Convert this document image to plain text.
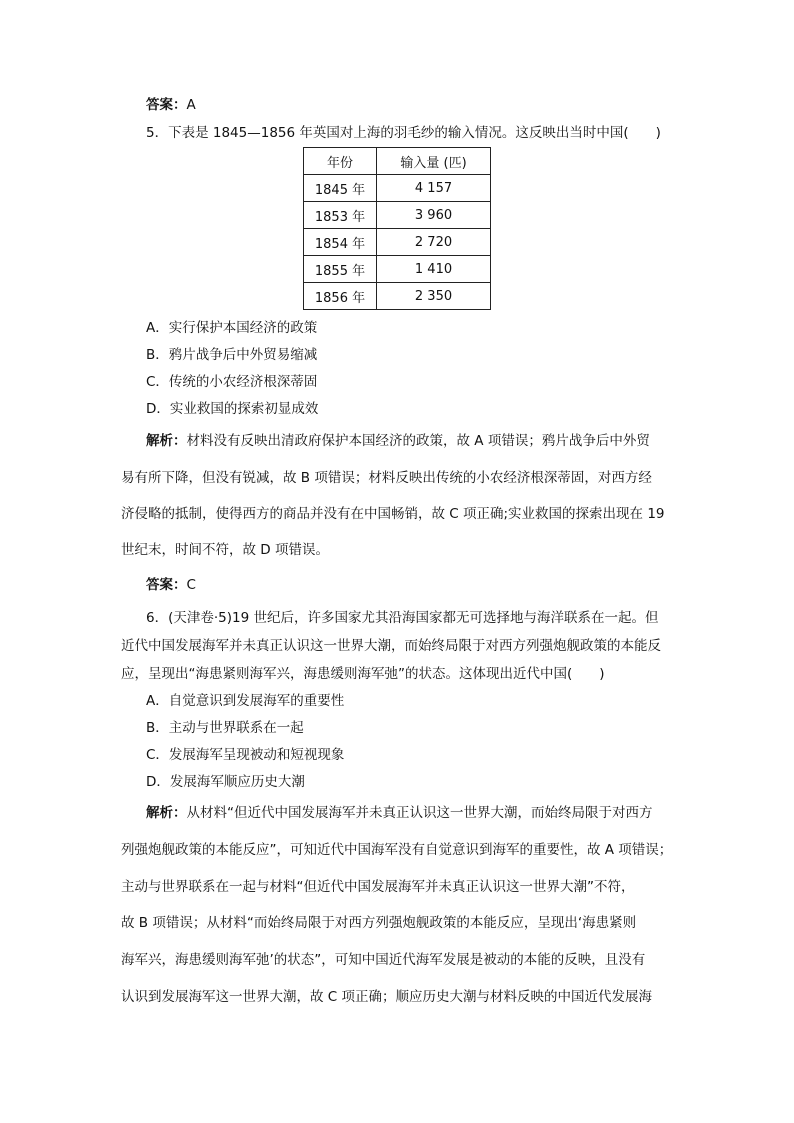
答案：A
5．下表是 1845—1856 年英国对上海的羽毛纱的输入情况。这反映出当时中国(　　)
年份	输入量 (匹)
1845 年	4 157
1853 年	3 960
1854 年	2 720
1855 年	1 410
1856 年	2 350
A．实行保护本国经济的政策
B．鸦片战争后中外贸易缩减
C．传统的小农经济根深蒂固
D．实业救国的探索初显成效
解析：材料没有反映出清政府保护本国经济的政策，故 A 项错误；鸦片战争后中外贸
易有所下降，但没有锐减，故 B 项错误；材料反映出传统的小农经济根深蒂固，对西方经
济侵略的抵制，使得西方的商品并没有在中国畅销，故 C 项正确;实业救国的探索出现在 19
世纪末，时间不符，故 D 项错误。
答案：C
6．(天津卷·5)19 世纪后，许多国家尤其沿海国家都无可选择地与海洋联系在一起。但
近代中国发展海军并未真正认识这一世界大潮，而始终局限于对西方列强炮舰政策的本能反
应，呈现出“海患紧则海军兴，海患缓则海军弛”的状态。这体现出近代中国(　　)
A．自觉意识到发展海军的重要性
B．主动与世界联系在一起
C．发展海军呈现被动和短视现象
D．发展海军顺应历史大潮
解析：从材料“但近代中国发展海军并未真正认识这一世界大潮，而始终局限于对西方
列强炮舰政策的本能反应”，可知近代中国海军没有自觉意识到海军的重要性，故 A 项错误；
主动与世界联系在一起与材料“但近代中国发展海军并未真正认识这一世界大潮”不符，
故 B 项错误；从材料“而始终局限于对西方列强炮舰政策的本能反应，呈现出‘海患紧则
海军兴，海患缓则海军弛’的状态”，可知中国近代海军发展是被动的本能的反映，且没有
认识到发展海军这一世界大潮，故 C 项正确；顺应历史大潮与材料反映的中国近代发展海
